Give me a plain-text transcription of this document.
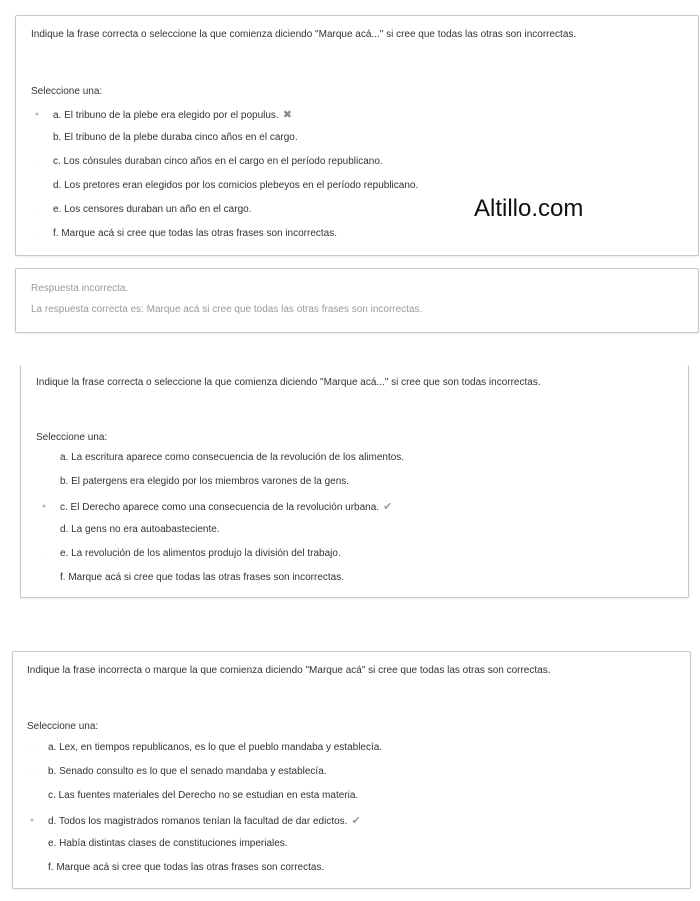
Indique la frase correcta o seleccione la que comienza diciendo "Marque acá..." si cree que todas las otras son incorrectas.
Seleccione una:
● a. El tribuno de la plebe era elegido por el populus. ✖
b. El tribuno de la plebe duraba cinco años en el cargo.
· c. Los cónsules duraban cinco años en el cargo en el período republicano.
d. Los pretores eran elegidos por los comicios plebeyos en el período republicano.
· e. Los censores duraban un año en el cargo.
· f. Marque acá si cree que todas las otras frases son incorrectas.
Altillo.com
Respuesta incorrecta.
La respuesta correcta es: Marque acá si cree que todas las otras frases son incorrectas.
Indique la frase correcta o seleccione la que comienza diciendo "Marque acá..." si cree que son todas incorrectas.
Seleccione una:
a. La escritura aparece como consecuencia de la revolución de los alimentos.
b. El patergens era elegido por los miembros varones de la gens.
● c. El Derecho aparece como una consecuencia de la revolución urbana. ✔
d. La gens no era autoabasteciente.
· e. La revolución de los alimentos produjo la división del trabajo.
f. Marque acá si cree que todas las otras frases son incorrectas.
Indique la frase incorrecta o marque la que comienza diciendo "Marque acá" si cree que todas las otras son correctas.
Seleccione una:
· a. Lex, en tiempos republicanos, es lo que el pueblo mandaba y establecía.
· b. Senado consulto es lo que el senado mandaba y establecía.
c. Las fuentes materiales del Derecho no se estudian en esta materia.
● d. Todos los magistrados romanos tenían la facultad de dar edictos. ✔
e. Había distintas clases de constituciones imperiales.
f. Marque acá si cree que todas las otras frases son correctas.
